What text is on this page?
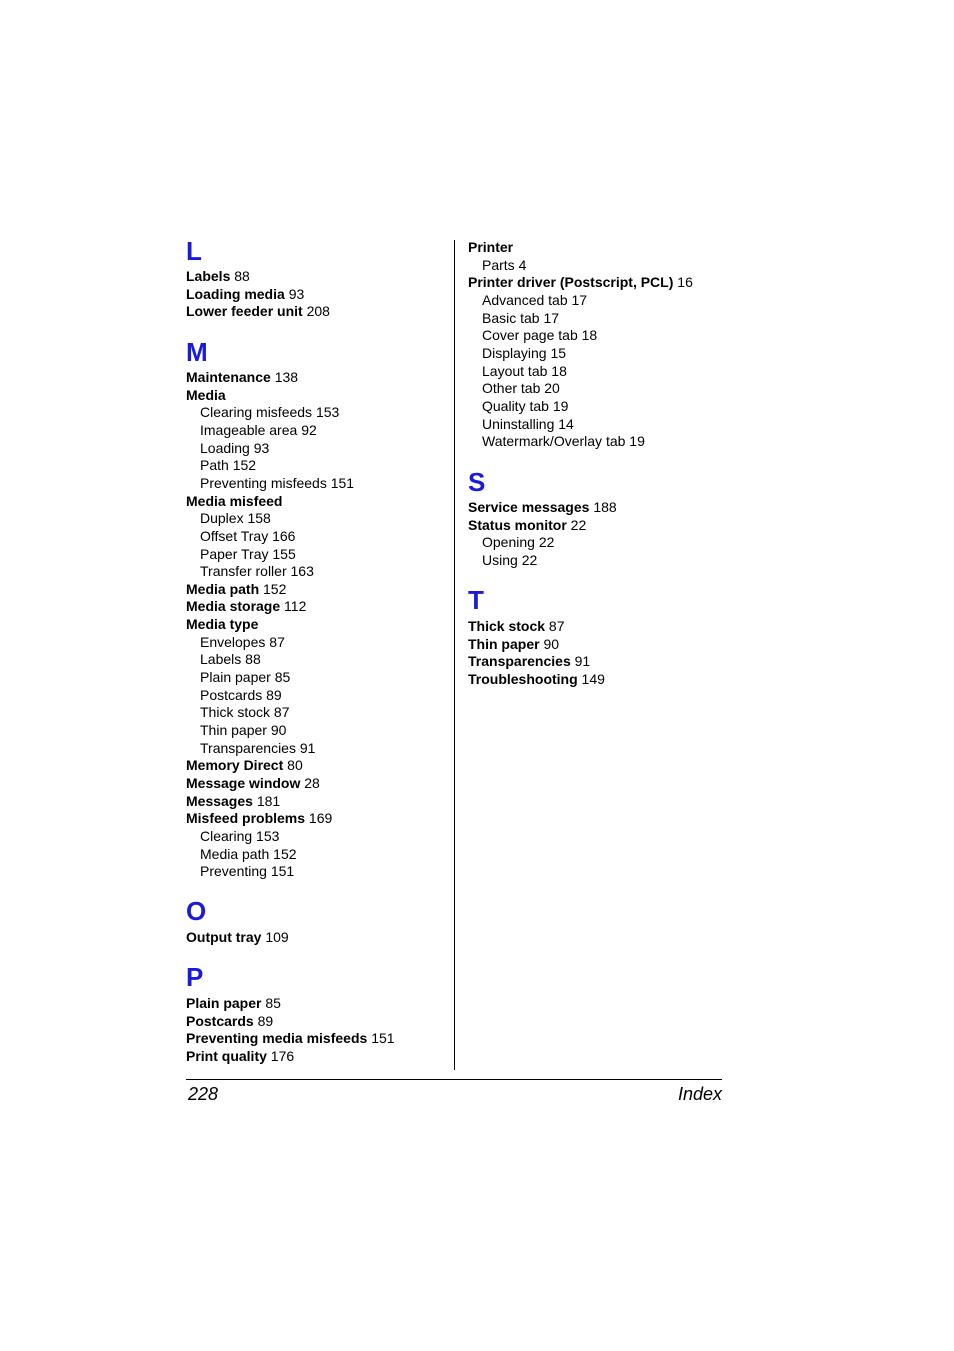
L
Labels 88
Loading media 93
Lower feeder unit 208
M
Maintenance 138
Media
Clearing misfeeds 153
Imageable area 92
Loading 93
Path 152
Preventing misfeeds 151
Media misfeed
Duplex 158
Offset Tray 166
Paper Tray 155
Transfer roller 163
Media path 152
Media storage 112
Media type
Envelopes 87
Labels 88
Plain paper 85
Postcards 89
Thick stock 87
Thin paper 90
Transparencies 91
Memory Direct 80
Message window 28
Messages 181
Misfeed problems 169
Clearing 153
Media path 152
Preventing 151
O
Output tray 109
P
Plain paper 85
Postcards 89
Preventing media misfeeds 151
Print quality 176
Printer
Parts 4
Printer driver (Postscript, PCL) 16
Advanced tab 17
Basic tab 17
Cover page tab 18
Displaying 15
Layout tab 18
Other tab 20
Quality tab 19
Uninstalling 14
Watermark/Overlay tab 19
S
Service messages 188
Status monitor 22
Opening 22
Using 22
T
Thick stock 87
Thin paper 90
Transparencies 91
Troubleshooting 149
228	Index
